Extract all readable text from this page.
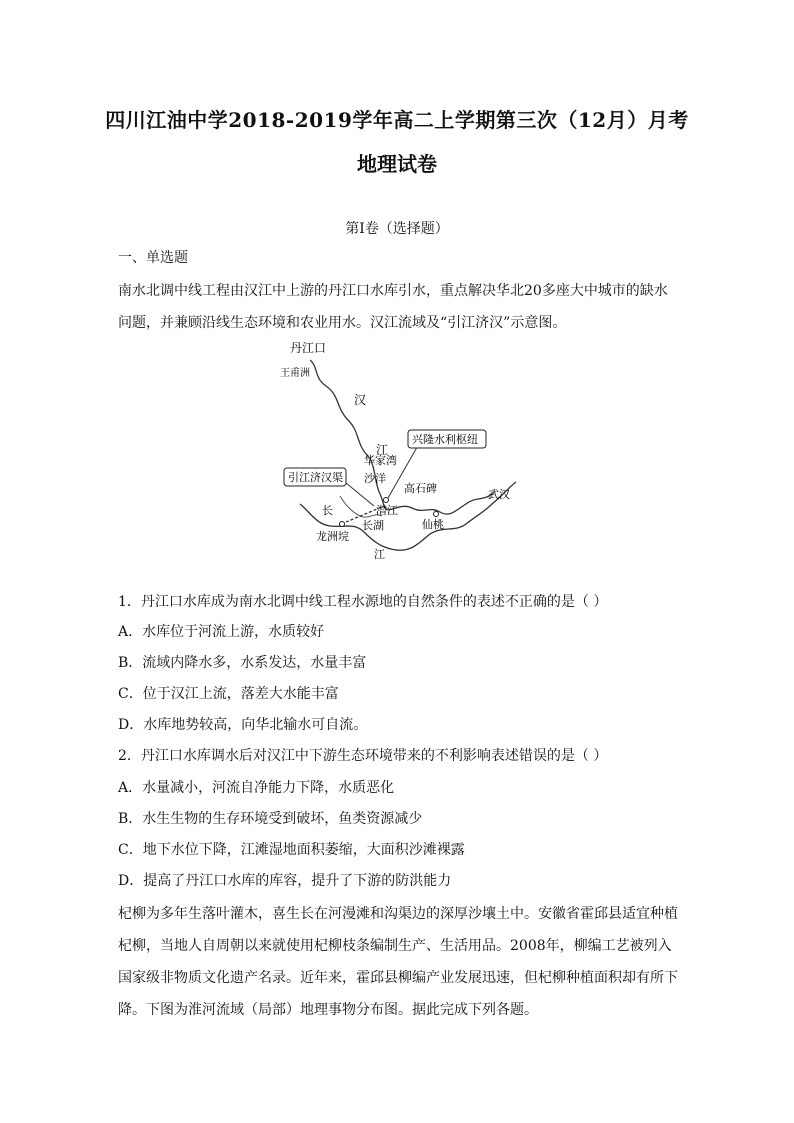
四川江油中学2018-2019学年高二上学期第三次（12月）月考
地理试卷
第I卷（选择题）
一、单选题
南水北调中线工程由汉江中上游的丹江口水库引水，重点解决华北20多座大中城市的缺水问题，并兼顾沿线生态环境和农业用水。汉江流域及“引江济汉”示意图。
丹江口
王甫洲
汉
江
华家湾
沙洋
兴隆水利枢纽
引江济汉渠
高石碑	武汉
潜江
仙桃
长
长湖
龙洲垸
江
1．丹江口水库成为南水北调中线工程水源地的自然条件的表述不正确的是（ ）
A．水库位于河流上游，水质较好
B．流域内降水多，水系发达，水量丰富
C．位于汉江上流，落差大水能丰富
D．水库地势较高，向华北输水可自流。
2．丹江口水库调水后对汉江中下游生态环境带来的不利影响表述错误的是（ ）
A．水量减小，河流自净能力下降，水质恶化
B．水生生物的生存环境受到破坏，鱼类资源减少
C．地下水位下降，江滩湿地面积萎缩，大面积沙滩裸露
D．提高了丹江口水库的库容，提升了下游的防洪能力
杞柳为多年生落叶灌木，喜生长在河漫滩和沟渠边的深厚沙壤土中。安徽省霍邱县适宜种植杞柳，当地人自周朝以来就使用杞柳枝条编制生产、生活用品。2008年，柳编工艺被列入国家级非物质文化遗产名录。近年来，霍邱县柳编产业发展迅速，但杞柳种植面积却有所下降。下图为淮河流域（局部）地理事物分布图。据此完成下列各题。
